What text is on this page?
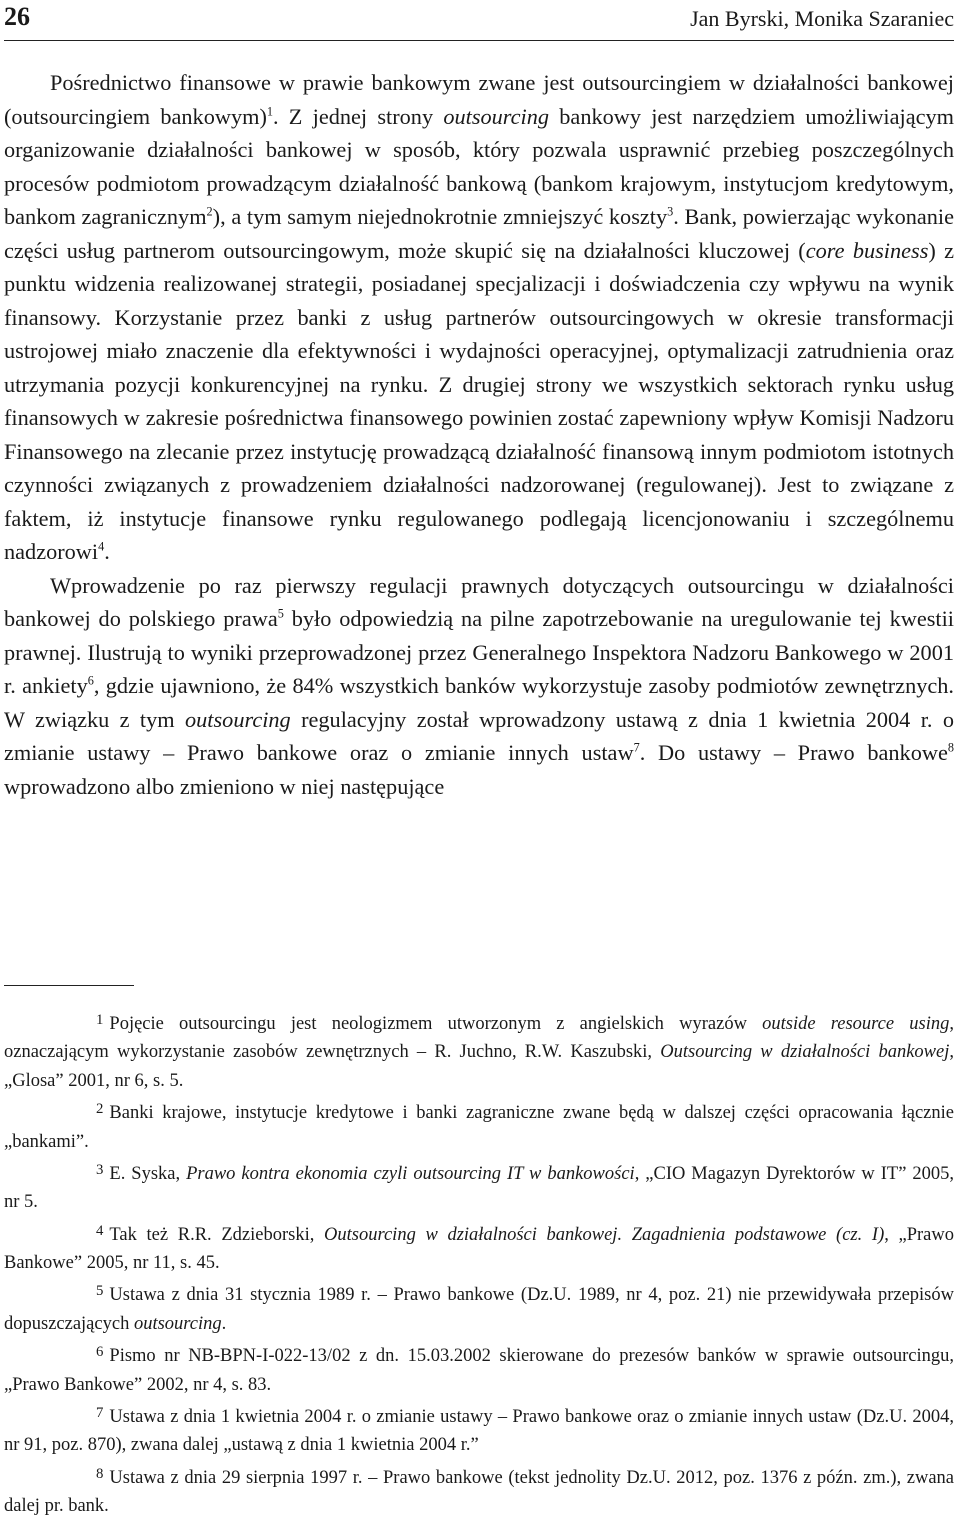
26	Jan Byrski, Monika Szaraniec

Pośrednictwo finansowe w prawie bankowym zwane jest outsourcingiem w działalności bankowej (outsourcingiem bankowym)$^1$. Z jednej strony outsourcing bankowy jest narzędziem umożliwiającym organizowanie działalności bankowej w sposób, który pozwala usprawnić przebieg poszczególnych procesów podmiotom prowadzącym działalność bankową (bankom krajowym, instytucjom kredytowym, bankom zagranicznym$^2$), a tym samym niejednokrotnie zmniejszyć koszty$^3$. Bank, powierzając wykonanie części usług partnerom outsourcingowym, może skupić się na działalności kluczowej (core business) z punktu widzenia realizowanej strategii, posiadanej specjalizacji i doświadczenia czy wpływu na wynik finansowy. Korzystanie przez banki z usług partnerów outsourcingowych w okresie transformacji ustrojowej miało znaczenie dla efektywności i wydajności operacyjnej, optymalizacji zatrudnienia oraz utrzymania pozycji konkurencyjnej na rynku. Z drugiej strony we wszystkich sektorach rynku usług finansowych w zakresie pośrednictwa finansowego powinien zostać zapewniony wpływ Komisji Nadzoru Finansowego na zlecanie przez instytucję prowadzącą działalność finansową innym podmiotom istotnych czynności związanych z prowadzeniem działalności nadzorowanej (regulowanej). Jest to związane z faktem, iż instytucje finansowe rynku regulowanego podlegają licencjonowaniu i szczególnemu nadzorowi$^4$.

Wprowadzenie po raz pierwszy regulacji prawnych dotyczących outsourcingu w działalności bankowej do polskiego prawa$^5$ było odpowiedzią na pilne zapotrzebowanie na uregulowanie tej kwestii prawnej. Ilustrują to wyniki przeprowadzonej przez Generalnego Inspektora Nadzoru Bankowego w 2001 r. ankiety$^6$, gdzie ujawniono, że 84% wszystkich banków wykorzystuje zasoby podmiotów zewnętrznych. W związku z tym outsourcing regulacyjny został wprowadzony ustawą z dnia 1 kwietnia 2004 r. o zmianie ustawy – Prawo bankowe oraz o zmianie innych ustaw$^7$. Do ustawy – Prawo bankowe$^8$ wprowadzono albo zmieniono w niej następujące

1 Pojęcie outsourcingu jest neologizmem utworzonym z angielskich wyrazów outside resource using, oznaczającym wykorzystanie zasobów zewnętrznych – R. Juchno, R.W. Kaszubski, Outsourcing w działalności bankowej, „Glosa” 2001, nr 6, s. 5.

2 Banki krajowe, instytucje kredytowe i banki zagraniczne zwane będą w dalszej części opracowania łącznie „bankami”.

3 E. Syska, Prawo kontra ekonomia czyli outsourcing IT w bankowości, „CIO Magazyn Dyrektorów w IT” 2005, nr 5.

4 Tak też R.R. Zdzieborski, Outsourcing w działalności bankowej. Zagadnienia podstawowe (cz. I), „Prawo Bankowe” 2005, nr 11, s. 45.

5 Ustawa z dnia 31 stycznia 1989 r. – Prawo bankowe (Dz.U. 1989, nr 4, poz. 21) nie przewidywała przepisów dopuszczających outsourcing.

6 Pismo nr NB-BPN-I-022-13/02 z dn. 15.03.2002 skierowane do prezesów banków w sprawie outsourcingu, „Prawo Bankowe” 2002, nr 4, s. 83.

7 Ustawa z dnia 1 kwietnia 2004 r. o zmianie ustawy – Prawo bankowe oraz o zmianie innych ustaw (Dz.U. 2004, nr 91, poz. 870), zwana dalej „ustawą z dnia 1 kwietnia 2004 r.”

8 Ustawa z dnia 29 sierpnia 1997 r. – Prawo bankowe (tekst jednolity Dz.U. 2012, poz. 1376 z późn. zm.), zwana dalej pr. bank.
